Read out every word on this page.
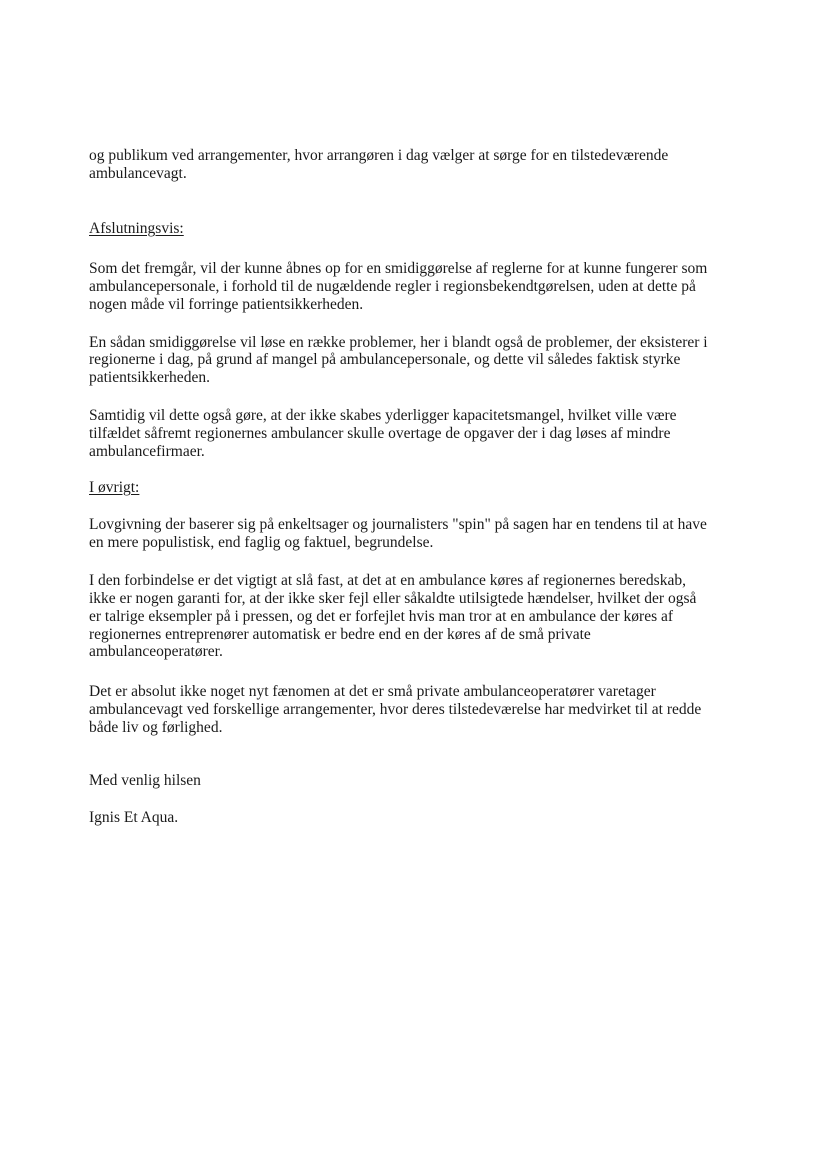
og publikum ved arrangementer, hvor arrangøren i dag vælger at sørge for en tilstedeværende
ambulancevagt.
Afslutningsvis:
Som det fremgår, vil der kunne åbnes op for en smidiggørelse af reglerne for at kunne fungerer som
ambulancepersonale, i forhold til de nugældende regler i regionsbekendtgørelsen, uden at dette på
nogen måde vil forringe patientsikkerheden.
En sådan smidiggørelse vil løse en række problemer, her i blandt også de problemer, der eksisterer i
regionerne i dag, på grund af mangel på ambulancepersonale, og dette vil således faktisk styrke
patientsikkerheden.
Samtidig vil dette også gøre, at der ikke skabes yderligger kapacitetsmangel, hvilket ville være
tilfældet såfremt regionernes ambulancer skulle overtage de opgaver der i dag løses af mindre
ambulancefirmaer.
I øvrigt:
Lovgivning der baserer sig på enkeltsager og journalisters "spin" på sagen har en tendens til at have
en mere populistisk, end faglig og faktuel, begrundelse.
I den forbindelse er det vigtigt at slå fast, at det at en ambulance køres af regionernes beredskab,
ikke er nogen garanti for, at der ikke sker fejl eller såkaldte utilsigtede hændelser, hvilket der også
er talrige eksempler på i pressen, og det er forfejlet hvis man tror at en ambulance der køres af
regionernes entreprenører automatisk er bedre end en der køres af de små private
ambulanceoperatører.
Det er absolut ikke noget nyt fænomen at det er små private ambulanceoperatører varetager
ambulancevagt ved forskellige arrangementer, hvor deres tilstedeværelse har medvirket til at redde
både liv og førlighed.
Med venlig hilsen
Ignis Et Aqua.
